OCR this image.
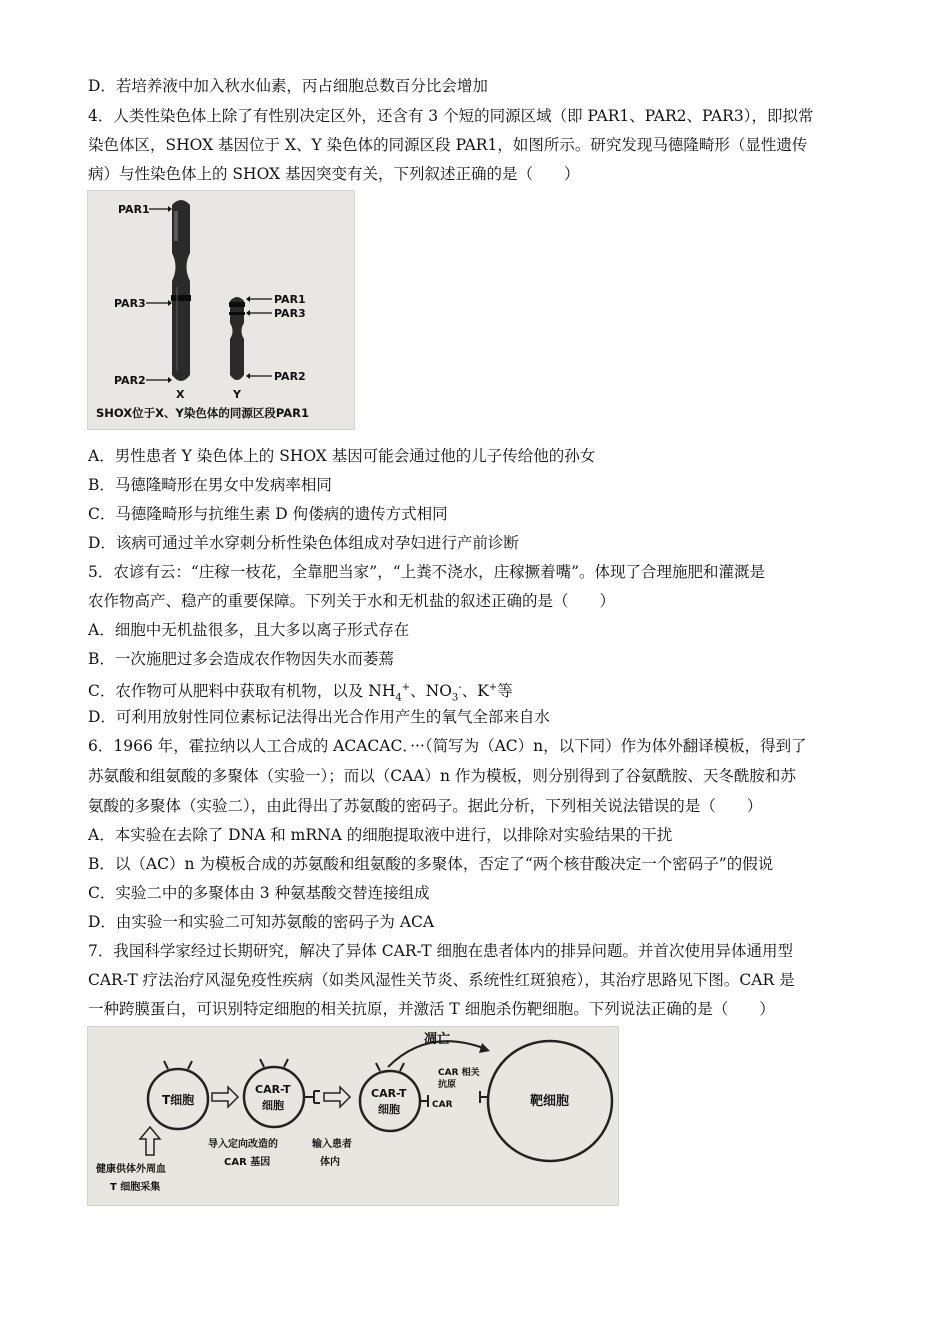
D．若培养液中加入秋水仙素，丙占细胞总数百分比会增加
4．人类性染色体上除了有性别决定区外，还含有 3 个短的同源区域（即 PAR1、PAR2、PAR3），即拟常
染色体区，SHOX 基因位于 X、Y 染色体的同源区段 PAR1，如图所示。研究发现马德隆畸形（显性遗传
病）与性染色体上的 SHOX 基因突变有关，下列叙述正确的是（　　）
PAR1
PAR3
PAR2
X
PAR1
PAR3
PAR2
Y
SHOX位于X、Y染色体的同源区段PAR1
A．男性患者 Y 染色体上的 SHOX 基因可能会通过他的儿子传给他的孙女
B．马德隆畸形在男女中发病率相同
C．马德隆畸形与抗维生素 D 佝偻病的遗传方式相同
D．该病可通过羊水穿刺分析性染色体组成对孕妇进行产前诊断
5．农谚有云：“庄稼一枝花，全靠肥当家”，“上粪不浇水，庄稼撅着嘴”。体现了合理施肥和灌溉是
农作物高产、稳产的重要保障。下列关于水和无机盐的叙述正确的是（　　）
A．细胞中无机盐很多，且大多以离子形式存在
B．一次施肥过多会造成农作物因失水而萎蔫
C．农作物可从肥料中获取有机物，以及 $NH_4^+$、$NO_3^-$、K+等
D．可利用放射性同位素标记法得出光合作用产生的氧气全部来自水
6．1966 年，霍拉纳以人工合成的 ACACAC．···（简写为（AC）n，以下同）作为体外翻译模板，得到了
苏氨酸和组氨酸的多聚体（实验一）；而以（CAA）n 作为模板，则分别得到了谷氨酰胺、天冬酰胺和苏
氨酸的多聚体（实验二），由此得出了苏氨酸的密码子。据此分析，下列相关说法错误的是（　　）
A．本实验在去除了 DNA 和 mRNA 的细胞提取液中进行，以排除对实验结果的干扰
B．以（AC）n 为模板合成的苏氨酸和组氨酸的多聚体，否定了“两个核苷酸决定一个密码子”的假说
C．实验二中的多聚体由 3 种氨基酸交替连接组成
D．由实验一和实验二可知苏氨酸的密码子为 ACA
7．我国科学家经过长期研究，解决了异体 CAR-T 细胞在患者体内的排异问题。并首次使用异体通用型
CAR-T 疗法治疗风湿免疫性疾病（如类风湿性关节炎、系统性红斑狼疮），其治疗思路见下图。CAR 是
一种跨膜蛋白，可识别特定细胞的相关抗原，并激活 T 细胞杀伤靶细胞。下列说法正确的是（　　）
T细胞
健康供体外周血
T 细胞采集
CAR-T
细胞
导入定向改造的
CAR 基因
输入患者
体内
CAR-T
细胞
CAR 相关
抗原
CAR
凋亡
靶细胞
